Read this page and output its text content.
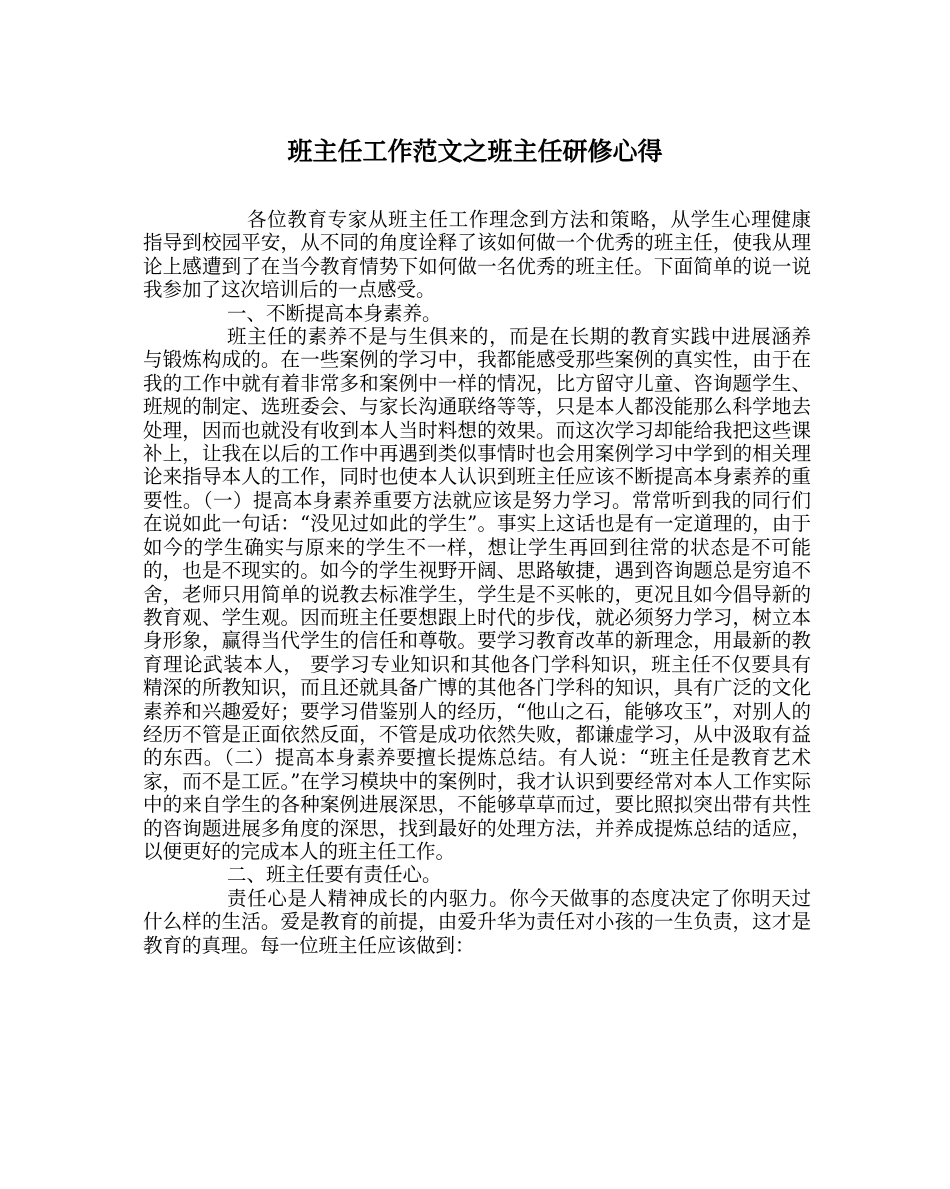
班主任工作范文之班主任研修心得

各位教育专家从班主任工作理念到方法和策略，从学生心理健康指导到校园平安，从不同的角度诠释了该如何做一个优秀的班主任，使我从理论上感遭到了在当今教育情势下如何做一名优秀的班主任。下面简单的说一说我参加了这次培训后的一点感受。

一、不断提高本身素养。

班主任的素养不是与生俱来的，而是在长期的教育实践中进展涵养与锻炼构成的。在一些案例的学习中，我都能感受那些案例的真实性，由于在我的工作中就有着非常多和案例中一样的情况，比方留守儿童、咨询题学生、班规的制定、选班委会、与家长沟通联络等等，只是本人都没能那么科学地去处理，因而也就没有收到本人当时料想的效果。而这次学习却能给我把这些课补上，让我在以后的工作中再遇到类似事情时也会用案例学习中学到的相关理论来指导本人的工作，同时也使本人认识到班主任应该不断提高本身素养的重要性。（一）提高本身素养重要方法就应该是努力学习。常常听到我的同行们在说如此一句话：“没见过如此的学生”。事实上这话也是有一定道理的，由于如今的学生确实与原来的学生不一样，想让学生再回到往常的状态是不可能的，也是不现实的。如今的学生视野开阔、思路敏捷，遇到咨询题总是穷追不舍，老师只用简单的说教去标准学生，学生是不买帐的，更况且如今倡导新的教育观、学生观。因而班主任要想跟上时代的步伐，就必须努力学习，树立本身形象，赢得当代学生的信任和尊敬。要学习教育改革的新理念，用最新的教育理论武装本人， 要学习专业知识和其他各门学科知识，班主任不仅要具有精深的所教知识，而且还就具备广博的其他各门学科的知识，具有广泛的文化素养和兴趣爱好；要学习借鉴别人的经历，“他山之石，能够攻玉”，对别人的经历不管是正面依然反面，不管是成功依然失败，都谦虚学习，从中汲取有益的东西。（二）提高本身素养要擅长提炼总结。有人说：“班主任是教育艺术家，而不是工匠。”在学习模块中的案例时，我才认识到要经常对本人工作实际中的来自学生的各种案例进展深思，不能够草草而过，要比照拟突出带有共性的咨询题进展多角度的深思，找到最好的处理方法，并养成提炼总结的适应，以便更好的完成本人的班主任工作。

二、班主任要有责任心。

责任心是人精神成长的内驱力。你今天做事的态度决定了你明天过什么样的生活。爱是教育的前提，由爱升华为责任对小孩的一生负责，这才是教育的真理。每一位班主任应该做到：
